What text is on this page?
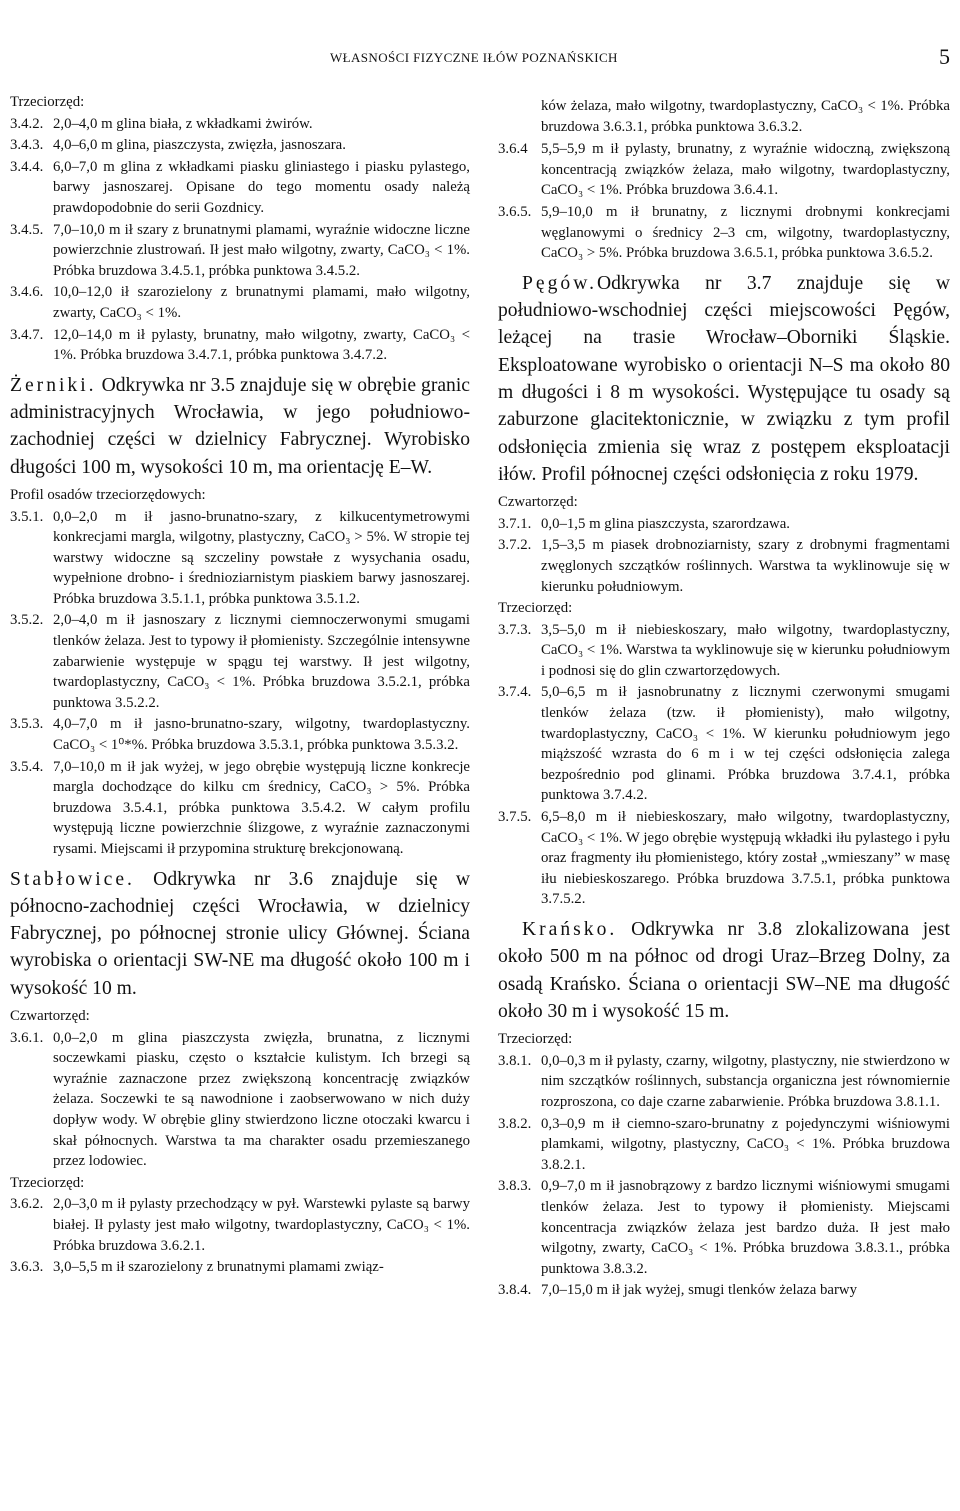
WŁASNOŚCI FIZYCZNE IŁÓW POZNAŃSKICH	5
Trzeciorzęd:
3.4.2. 2,0–4,0 m glina biała, z wkładkami żwirów.
3.4.3. 4,0–6,0 m glina, piaszczysta, zwięzła, jasnoszara.
3.4.4. 6,0–7,0 m glina z wkładkami piasku gliniastego i piasku pylastego, barwy jasnoszarej. Opisane do tego momentu osady należą prawdopodobnie do serii Gozdnicy.
3.4.5. 7,0–10,0 m ił szary z brunatnymi plamami, wyraźnie widoczne liczne powierzchnie zlustrowań. Ił jest mało wilgotny, zwarty, CaCO₃ < 1%. Próbka bruzdowa 3.4.5.1, próbka punktowa 3.4.5.2.
3.4.6. 10,0–12,0 ił szarozielony z brunatnymi plamami, mało wilgotny, zwarty, CaCO₃ < 1%.
3.4.7. 12,0–14,0 m ił pylasty, brunatny, mało wilgotny, zwarty, CaCO₃ < 1%. Próbka bruzdowa 3.4.7.1, próbka punktowa 3.4.7.2.
Żerniki. Odkrywka nr 3.5 znajduje się w obrębie granic administracyjnych Wrocławia, w jego południowo-zachodniej części w dzielnicy Fabrycznej. Wyrobisko długości 100 m, wysokości 10 m, ma orientację E–W.
Profil osadów trzeciorzędowych:
3.5.1. 0,0–2,0 m ił jasno-brunatno-szary, z kilkucentymetrowymi konkrecjami margla, wilgotny, plastyczny, CaCO₃ > 5%. W stropie tej warstwy widoczne są szczeliny powstałe z wysychania osadu, wypełnione drobno- i średnioziarnistym piaskiem barwy jasnoszarej. Próbka bruzdowa 3.5.1.1, próbka punktowa 3.5.1.2.
3.5.2. 2,0–4,0 m ił jasnoszary z licznymi ciemnoczerwonymi smugami tlenków żelaza. Jest to typowy ił płomienisty. Szczególnie intensywne zabarwienie występuje w spągu tej warstwy. Ił jest wilgotny, twardoplastyczny, CaCO₃ < 1%. Próbka bruzdowa 3.5.2.1, próbka punktowa 3.5.2.2.
3.5.3. 4,0–7,0 m ił jasno-brunatno-szary, wilgotny, twardoplastyczny. CaCO₃ < 1⁰*%. Próbka bruzdowa 3.5.3.1, próbka punktowa 3.5.3.2.
3.5.4. 7,0–10,0 m ił jak wyżej, w jego obrębie występują liczne konkrecje margla dochodzące do kilku cm średnicy, CaCO₃ > 5%. Próbka bruzdowa 3.5.4.1, próbka punktowa 3.5.4.2. W całym profilu występują liczne powierzchnie ślizgowe, z wyraźnie zaznaczonymi rysami. Miejscami ił przypomina strukturę brekcjonowaną.
Stabłowice. Odkrywka nr 3.6 znajduje się w północno-zachodniej części Wrocławia, w dzielnicy Fabrycznej, po północnej stronie ulicy Głównej. Ściana wyrobiska o orientacji SW-NE ma długość około 100 m i wysokość 10 m.
Czwartorzęd:
3.6.1. 0,0–2,0 m glina piaszczysta zwięzła, brunatna, z licznymi soczewkami piasku, często o kształcie kulistym. Ich brzegi są wyraźnie zaznaczone przez zwiększoną koncentrację związków żelaza. Soczewki te są nawodnione i zaobserwowano w nich duży dopływ wody. W obrębie gliny stwierdzono liczne otoczaki kwarcu i skał północnych. Warstwa ta ma charakter osadu przemieszanego przez lodowiec.
Trzeciorzęd:
3.6.2. 2,0–3,0 m ił pylasty przechodzący w pył. Warstewki pylaste są barwy białej. Ił pylasty jest mało wilgotny, twardoplastyczny, CaCO₃ < 1%. Próbka bruzdowa 3.6.2.1.
3.6.3. 3,0–5,5 m ił szarozielony z brunatnymi plamami związ-
ków żelaza, mało wilgotny, twardoplastyczny, CaCO₃ < 1%. Próbka bruzdowa 3.6.3.1, próbka punktowa 3.6.3.2.
3.6.4 5,5–5,9 m ił pylasty, brunatny, z wyraźnie widoczną, zwiększoną koncentracją związków żelaza, mało wilgotny, twardoplastyczny, CaCO₃ < 1%. Próbka bruzdowa 3.6.4.1.
3.6.5. 5,9–10,0 m ił brunatny, z licznymi drobnymi konkrecjami węglanowymi o średnicy 2–3 cm, wilgotny, twardoplastyczny, CaCO₃ > 5%. Próbka bruzdowa 3.6.5.1, próbka punktowa 3.6.5.2.
Pęgów.Odkrywka nr 3.7 znajduje się w południowo-wschodniej części miejscowości Pęgów, leżącej na trasie Wrocław–Oborniki Śląskie. Eksploatowane wyrobisko o orientacji N–S ma około 80 m długości i 8 m wysokości. Występujące tu osady są zaburzone glacitektonicznie, w związku z tym profil odsłonięcia zmienia się wraz z postępem eksploatacji iłów. Profil północnej części odsłonięcia z roku 1979.
Czwartorzęd:
3.7.1. 0,0–1,5 m glina piaszczysta, szarordzawa.
3.7.2. 1,5–3,5 m piasek drobnoziarnisty, szary z drobnymi fragmentami zwęglonych szczątków roślinnych. Warstwa ta wyklinowuje się w kierunku południowym.
Trzeciorzęd:
3.7.3. 3,5–5,0 m ił niebieskoszary, mało wilgotny, twardoplastyczny, CaCO₃ < 1%. Warstwa ta wyklinowuje się w kierunku południowym i podnosi się do glin czwartorzędowych.
3.7.4. 5,0–6,5 m ił jasnobrunatny z licznymi czerwonymi smugami tlenków żelaza (tzw. ił płomienisty), mało wilgotny, twardoplastyczny, CaCO₃ < 1%. W kierunku południowym jego miąższość wzrasta do 6 m i w tej części odsłonięcia zalega bezpośrednio pod glinami. Próbka bruzdowa 3.7.4.1, próbka punktowa 3.7.4.2.
3.7.5. 6,5–8,0 m ił niebieskoszary, mało wilgotny, twardoplastyczny, CaCO₃ < 1%. W jego obrębie występują wkładki iłu pylastego i pyłu oraz fragmenty iłu płomienistego, który został „wmieszany” w masę iłu niebieskoszarego. Próbka bruzdowa 3.7.5.1, próbka punktowa 3.7.5.2.
Krańsko. Odkrywka nr 3.8 zlokalizowana jest około 500 m na północ od drogi Uraz–Brzeg Dolny, za osadą Krańsko. Ściana o orientacji SW–NE ma długość około 30 m i wysokość 15 m.
Trzeciorzęd:
3.8.1. 0,0–0,3 m ił pylasty, czarny, wilgotny, plastyczny, nie stwierdzono w nim szczątków roślinnych, substancja organiczna jest równomiernie rozproszona, co daje czarne zabarwienie. Próbka bruzdowa 3.8.1.1.
3.8.2. 0,3–0,9 m ił ciemno-szaro-brunatny z pojedynczymi wiśniowymi plamkami, wilgotny, plastyczny, CaCO₃ < 1%. Próbka bruzdowa 3.8.2.1.
3.8.3. 0,9–7,0 m ił jasnobrązowy z bardzo licznymi wiśniowymi smugami tlenków żelaza. Jest to typowy ił płomienisty. Miejscami koncentracja związków żelaza jest bardzo duża. Ił jest mało wilgotny, zwarty, CaCO₃ < 1%. Próbka bruzdowa 3.8.3.1., próbka punktowa 3.8.3.2.
3.8.4. 7,0–15,0 m ił jak wyżej, smugi tlenków żelaza barwy
